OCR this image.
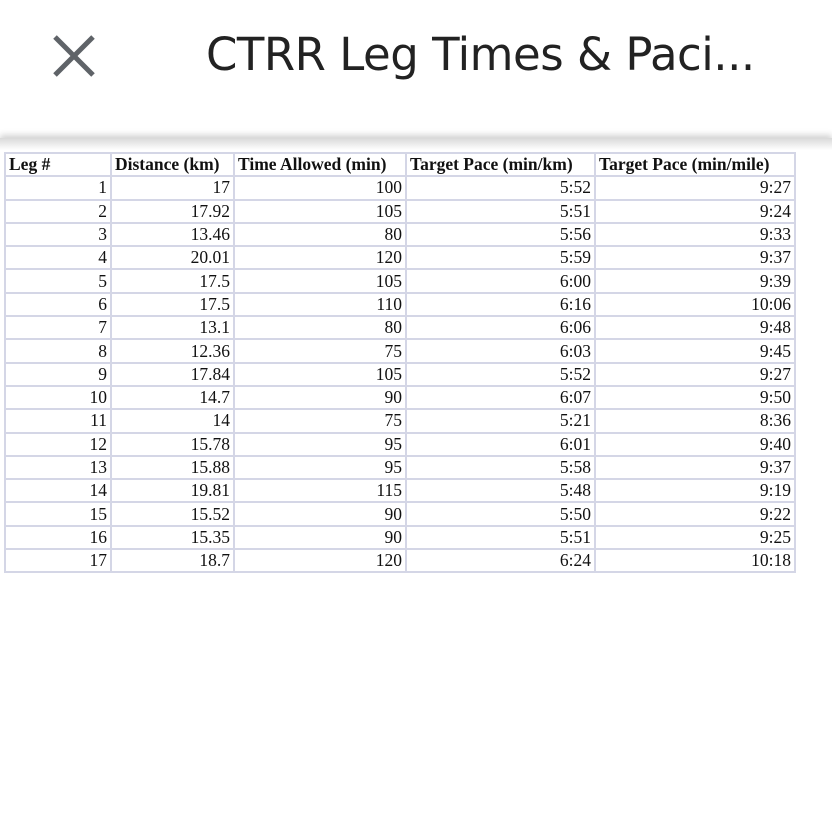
CTRR Leg Times & Paci...
Leg #	Distance (km)	Time Allowed (min)	Target Pace (min/km)	Target Pace (min/mile)
1	17	100	5:52	9:27
2	17.92	105	5:51	9:24
3	13.46	80	5:56	9:33
4	20.01	120	5:59	9:37
5	17.5	105	6:00	9:39
6	17.5	110	6:16	10:06
7	13.1	80	6:06	9:48
8	12.36	75	6:03	9:45
9	17.84	105	5:52	9:27
10	14.7	90	6:07	9:50
11	14	75	5:21	8:36
12	15.78	95	6:01	9:40
13	15.88	95	5:58	9:37
14	19.81	115	5:48	9:19
15	15.52	90	5:50	9:22
16	15.35	90	5:51	9:25
17	18.7	120	6:24	10:18
